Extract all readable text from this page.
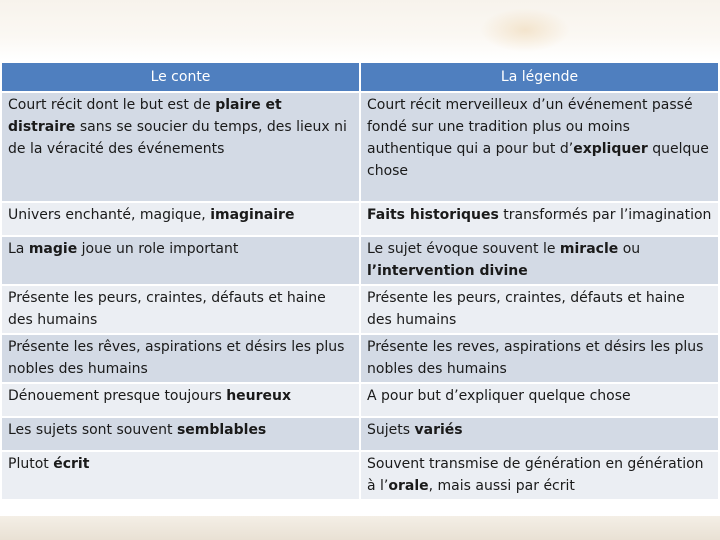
Le conte	La légende
Court récit dont le but est de plaire et distraire sans se soucier du temps, des lieux ni de la véracité des événements	Court récit merveilleux d’un événement passé fondé sur une tradition plus ou moins authentique qui a pour but d’expliquer quelque chose
Univers enchanté, magique, imaginaire	Faits historiques transformés par l’imagination
La magie joue un role important	Le sujet évoque souvent le miracle ou l’intervention divine
Présente les peurs, craintes, défauts et haine des humains	Présente les peurs, craintes, défauts et haine des humains
Présente les rêves, aspirations et désirs les plus nobles des humains	Présente les reves, aspirations et désirs les plus nobles des humains
Dénouement presque toujours heureux	A pour but d’expliquer quelque chose
Les sujets sont souvent semblables	Sujets variés
Plutot écrit	Souvent transmise de génération en génération à l’orale, mais aussi par écrit
